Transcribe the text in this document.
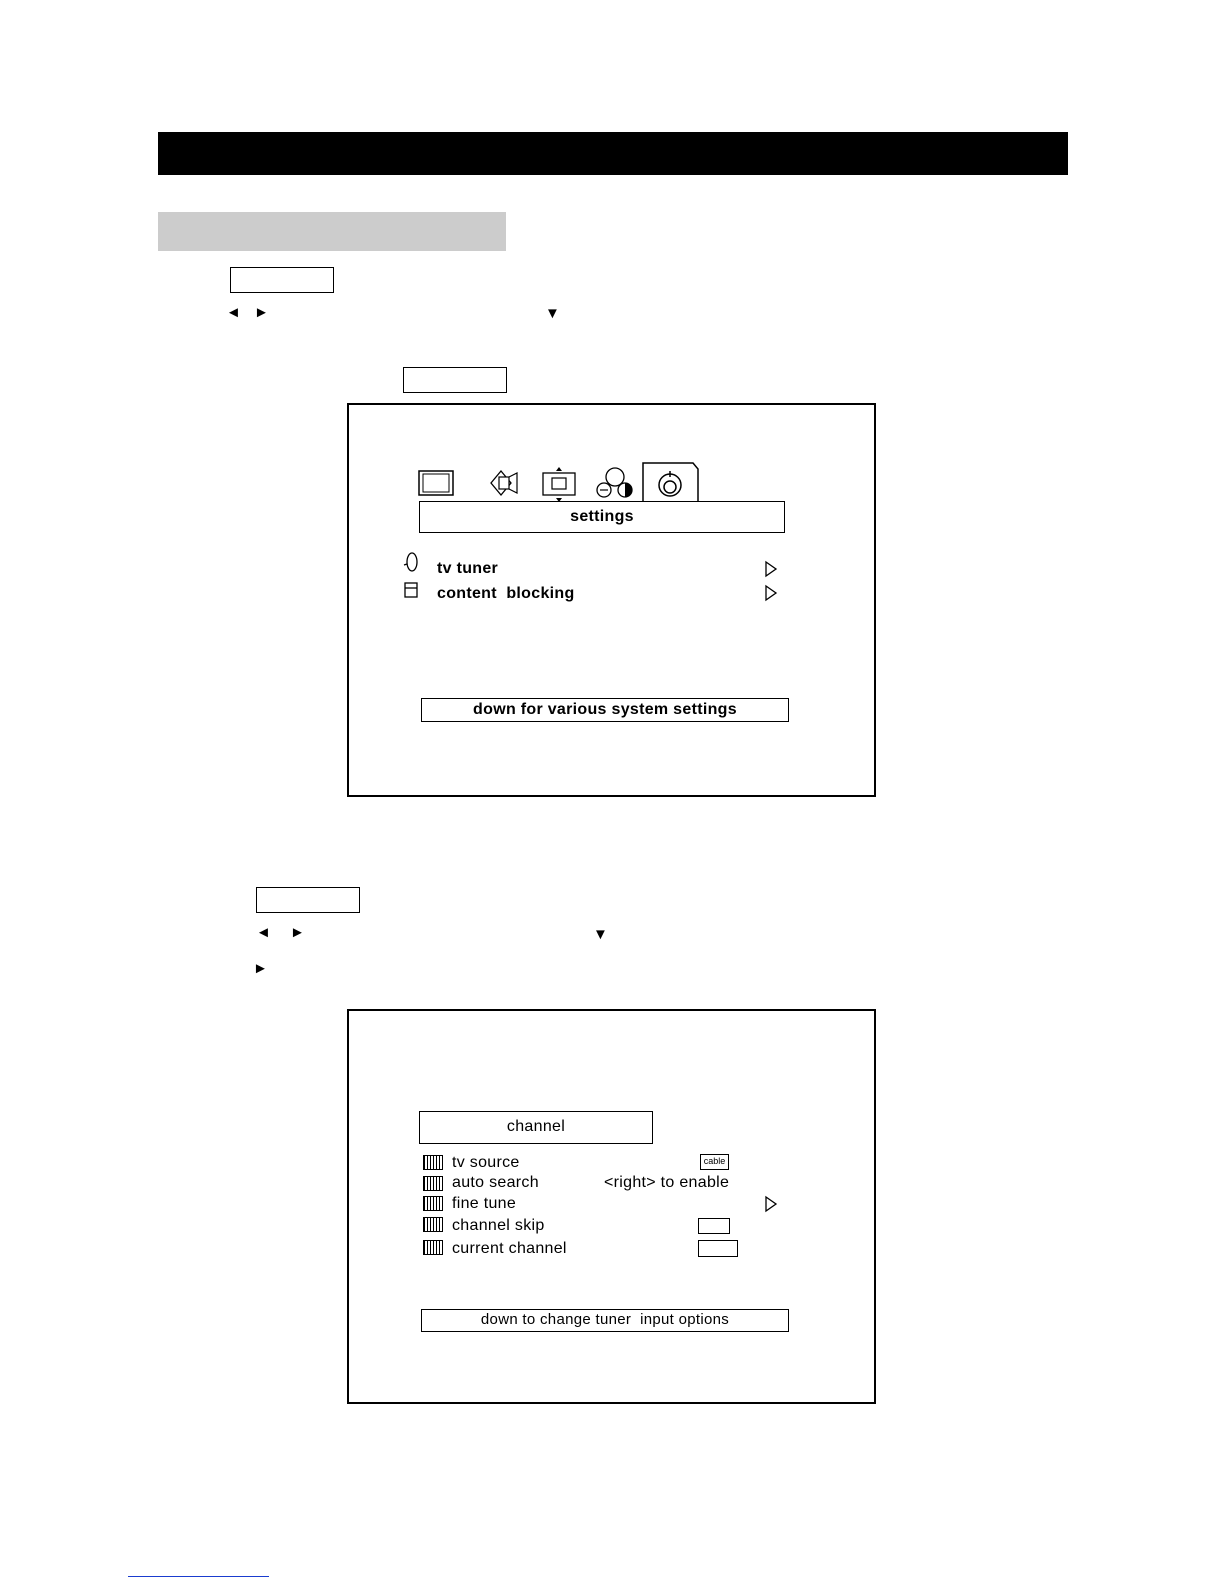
◄ ►	▼
settings
tv tuner
content  blocking
down for various system settings
◄ ►	▼
►
channel
tv source
auto search
fine tune
channel skip
current channel
cable
<right> to enable
down to change tuner  input options
